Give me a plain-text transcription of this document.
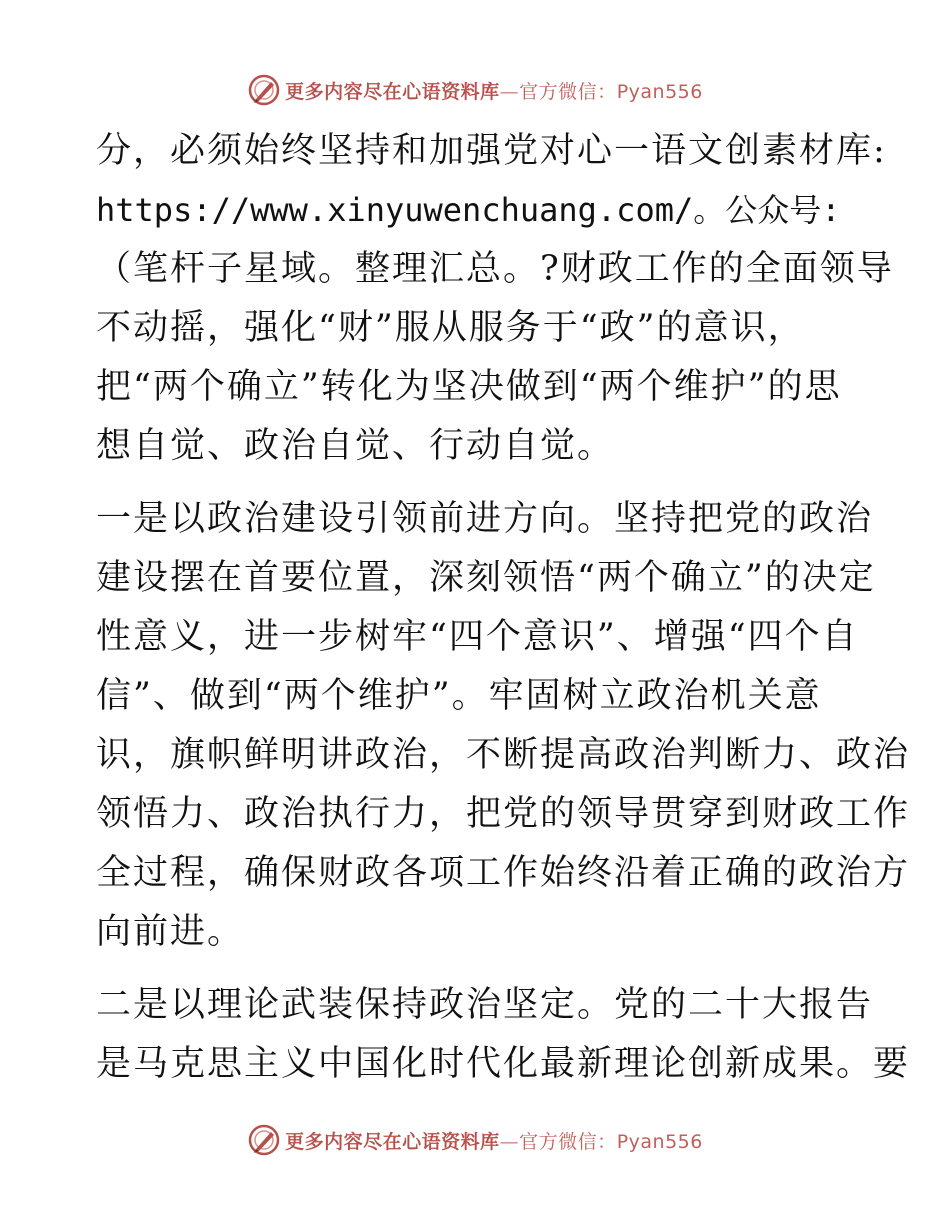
更多内容尽在心语资料库—官方微信：Pyan556
分，必须始终坚持和加强党对心一语文创素材库:
https://www.xinyuwenchuang.com/。公众号:
（笔杆子星域。整理汇总。?财政工作的全面领导
不动摇，强化“财”服从服务于“政”的意识，
把“两个确立”转化为坚决做到“两个维护”的思
想自觉、政治自觉、行动自觉。
一是以政治建设引领前进方向。坚持把党的政治
建设摆在首要位置，深刻领悟“两个确立”的决定
性意义，进一步树牢“四个意识”、增强“四个自
信”、做到“两个维护”。牢固树立政治机关意
识，旗帜鲜明讲政治，不断提高政治判断力、政治
领悟力、政治执行力，把党的领导贯穿到财政工作
全过程，确保财政各项工作始终沿着正确的政治方
向前进。
二是以理论武装保持政治坚定。党的二十大报告
是马克思主义中国化时代化最新理论创新成果。要
更多内容尽在心语资料库—官方微信：Pyan556
